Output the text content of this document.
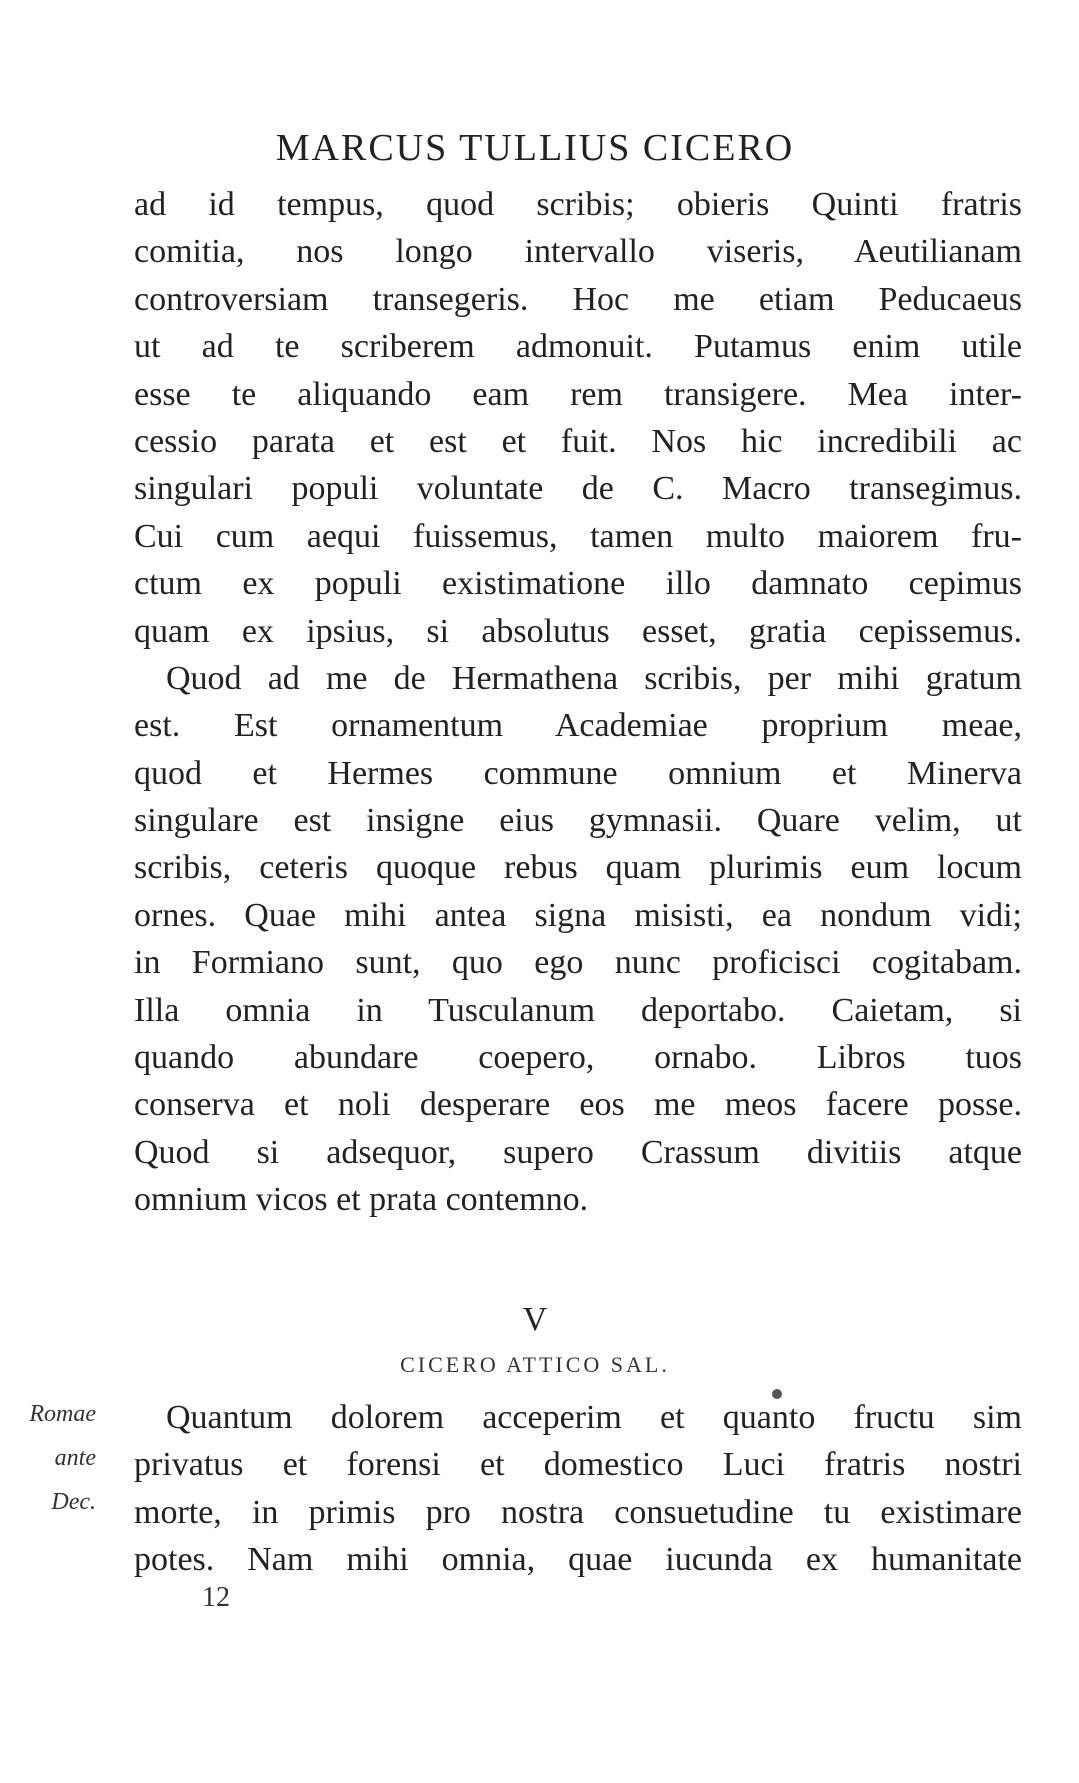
MARCUS TULLIUS CICERO
ad id tempus, quod scribis; obieris Quinti fratris
comitia, nos longo intervallo viseris, Aeutilianam
controversiam transegeris. Hoc me etiam Peducaeus
ut ad te scriberem admonuit. Putamus enim utile
esse te aliquando eam rem transigere. Mea inter-
cessio parata et est et fuit. Nos hic incredibili ac
singulari populi voluntate de C. Macro transegimus.
Cui cum aequi fuissemus, tamen multo maiorem fru-
ctum ex populi existimatione illo damnato cepimus
quam ex ipsius, si absolutus esset, gratia cepissemus.
Quod ad me de Hermathena scribis, per mihi gratum
est. Est ornamentum Academiae proprium meae,
quod et Hermes commune omnium et Minerva
singulare est insigne eius gymnasii. Quare velim, ut
scribis, ceteris quoque rebus quam plurimis eum locum
ornes. Quae mihi antea signa misisti, ea nondum vidi;
in Formiano sunt, quo ego nunc proficisci cogitabam.
Illa omnia in Tusculanum deportabo. Caietam, si
quando abundare coepero, ornabo. Libros tuos
conserva et noli desperare eos me meos facere posse.
Quod si adsequor, supero Crassum divitiis atque
omnium vicos et prata contemno.
V
CICERO ATTICO SAL.
Romae
ante
Dec.
Quantum dolorem acceperim et quanto fructu sim
privatus et forensi et domestico Luci fratris nostri
morte, in primis pro nostra consuetudine tu existimare
potes. Nam mihi omnia, quae iucunda ex humanitate
12
